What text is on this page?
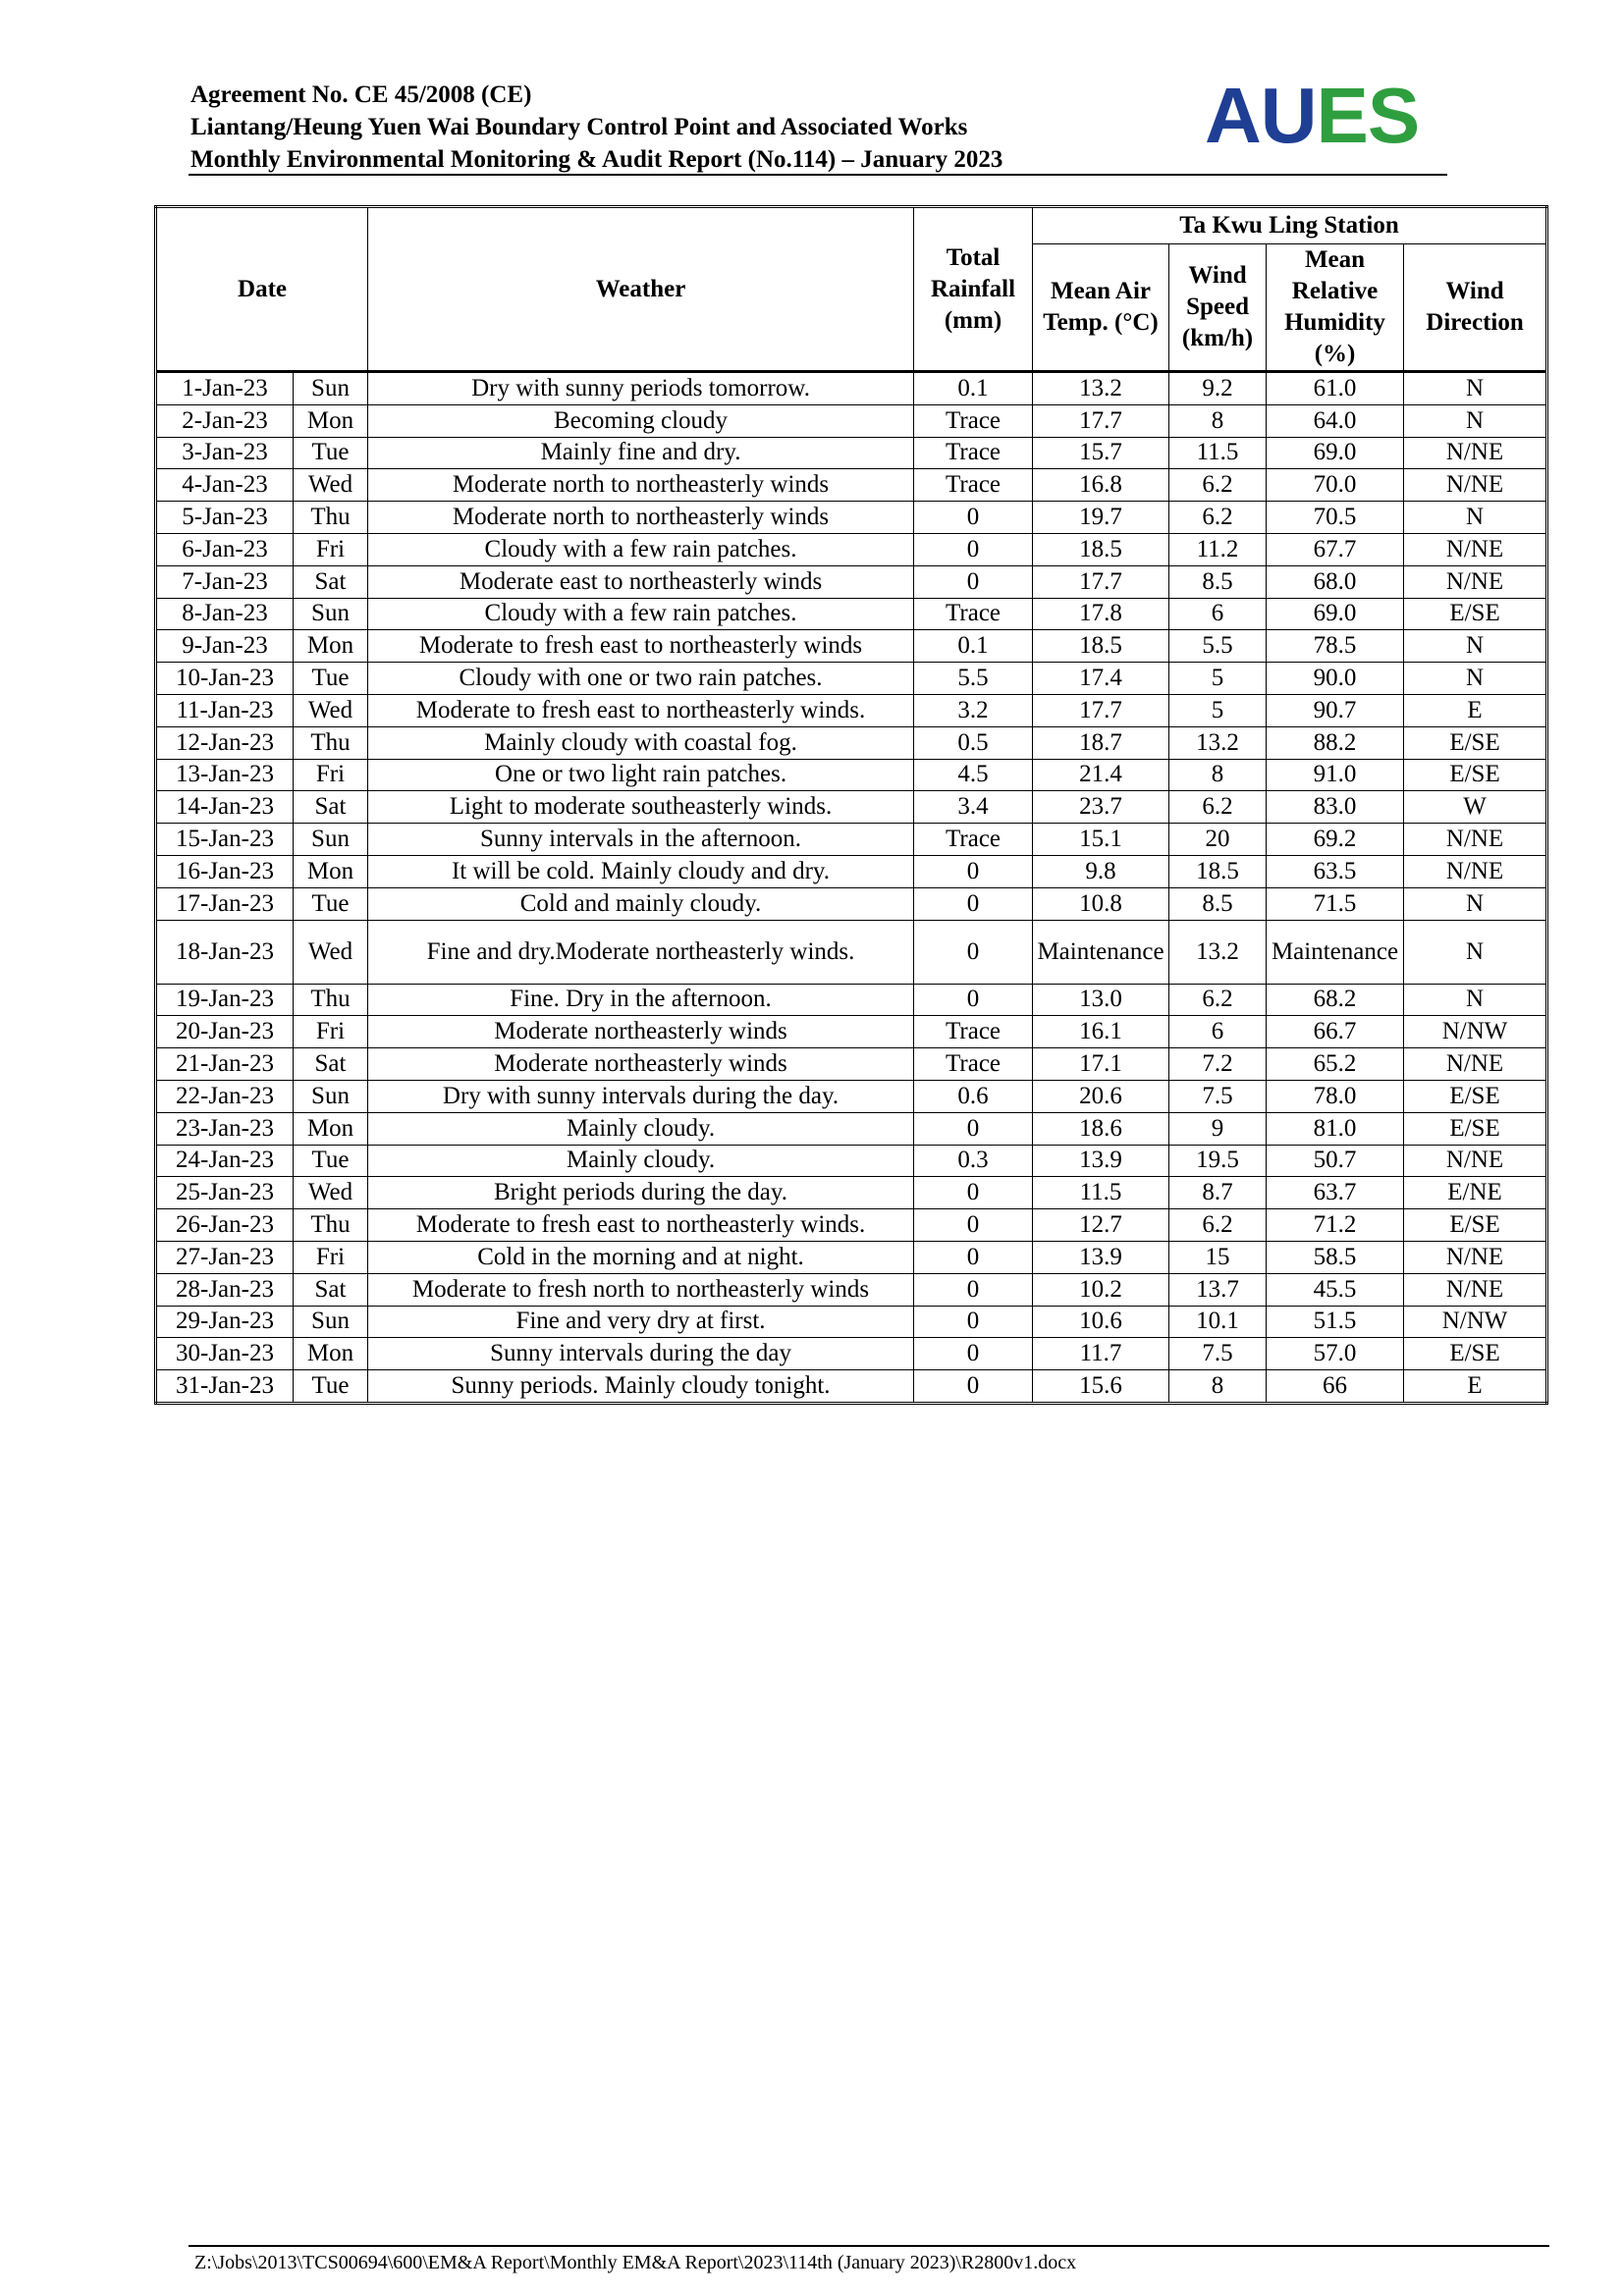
Agreement No. CE 45/2008 (CE)
Liantang/Heung Yuen Wai Boundary Control Point and Associated Works
Monthly Environmental Monitoring & Audit Report (No.114) – January 2023
AUES
Date		Weather	Total Rainfall (mm)	Ta Kwu Ling Station			
				Mean Air Temp. (°C)	Wind Speed (km/h)	Mean Relative Humidity (%)	Wind Direction
1-Jan-23	Sun	Dry with sunny periods tomorrow.	0.1	13.2	9.2	61.0	N
2-Jan-23	Mon	Becoming cloudy	Trace	17.7	8	64.0	N
3-Jan-23	Tue	Mainly fine and dry.	Trace	15.7	11.5	69.0	N/NE
4-Jan-23	Wed	Moderate north to northeasterly winds	Trace	16.8	6.2	70.0	N/NE
5-Jan-23	Thu	Moderate north to northeasterly winds	0	19.7	6.2	70.5	N
6-Jan-23	Fri	Cloudy with a few rain patches.	0	18.5	11.2	67.7	N/NE
7-Jan-23	Sat	Moderate east to northeasterly winds	0	17.7	8.5	68.0	N/NE
8-Jan-23	Sun	Cloudy with a few rain patches.	Trace	17.8	6	69.0	E/SE
9-Jan-23	Mon	Moderate to fresh east to northeasterly winds	0.1	18.5	5.5	78.5	N
10-Jan-23	Tue	Cloudy with one or two rain patches.	5.5	17.4	5	90.0	N
11-Jan-23	Wed	Moderate to fresh east to northeasterly winds.	3.2	17.7	5	90.7	E
12-Jan-23	Thu	Mainly cloudy with coastal fog.	0.5	18.7	13.2	88.2	E/SE
13-Jan-23	Fri	One or two light rain patches.	4.5	21.4	8	91.0	E/SE
14-Jan-23	Sat	Light to moderate southeasterly winds.	3.4	23.7	6.2	83.0	W
15-Jan-23	Sun	Sunny intervals in the afternoon.	Trace	15.1	20	69.2	N/NE
16-Jan-23	Mon	It will be cold. Mainly cloudy and dry.	0	9.8	18.5	63.5	N/NE
17-Jan-23	Tue	Cold and mainly cloudy.	0	10.8	8.5	71.5	N
18-Jan-23	Wed	Fine and dry.Moderate northeasterly winds.	0	Maintenance	13.2	Maintenance	N
19-Jan-23	Thu	Fine. Dry in the afternoon.	0	13.0	6.2	68.2	N
20-Jan-23	Fri	Moderate northeasterly winds	Trace	16.1	6	66.7	N/NW
21-Jan-23	Sat	Moderate northeasterly winds	Trace	17.1	7.2	65.2	N/NE
22-Jan-23	Sun	Dry with sunny intervals during the day.	0.6	20.6	7.5	78.0	E/SE
23-Jan-23	Mon	Mainly cloudy.	0	18.6	9	81.0	E/SE
24-Jan-23	Tue	Mainly cloudy.	0.3	13.9	19.5	50.7	N/NE
25-Jan-23	Wed	Bright periods during the day.	0	11.5	8.7	63.7	E/NE
26-Jan-23	Thu	Moderate to fresh east to northeasterly winds.	0	12.7	6.2	71.2	E/SE
27-Jan-23	Fri	Cold in the morning and at night.	0	13.9	15	58.5	N/NE
28-Jan-23	Sat	Moderate to fresh north to northeasterly winds	0	10.2	13.7	45.5	N/NE
29-Jan-23	Sun	Fine and very dry at first.	0	10.6	10.1	51.5	N/NW
30-Jan-23	Mon	Sunny intervals during the day	0	11.7	7.5	57.0	E/SE
31-Jan-23	Tue	Sunny periods. Mainly cloudy tonight.	0	15.6	8	66	E
Z:\Jobs\2013\TCS00694\600\EM&A Report\Monthly EM&A Report\2023\114th (January 2023)\R2800v1.docx
